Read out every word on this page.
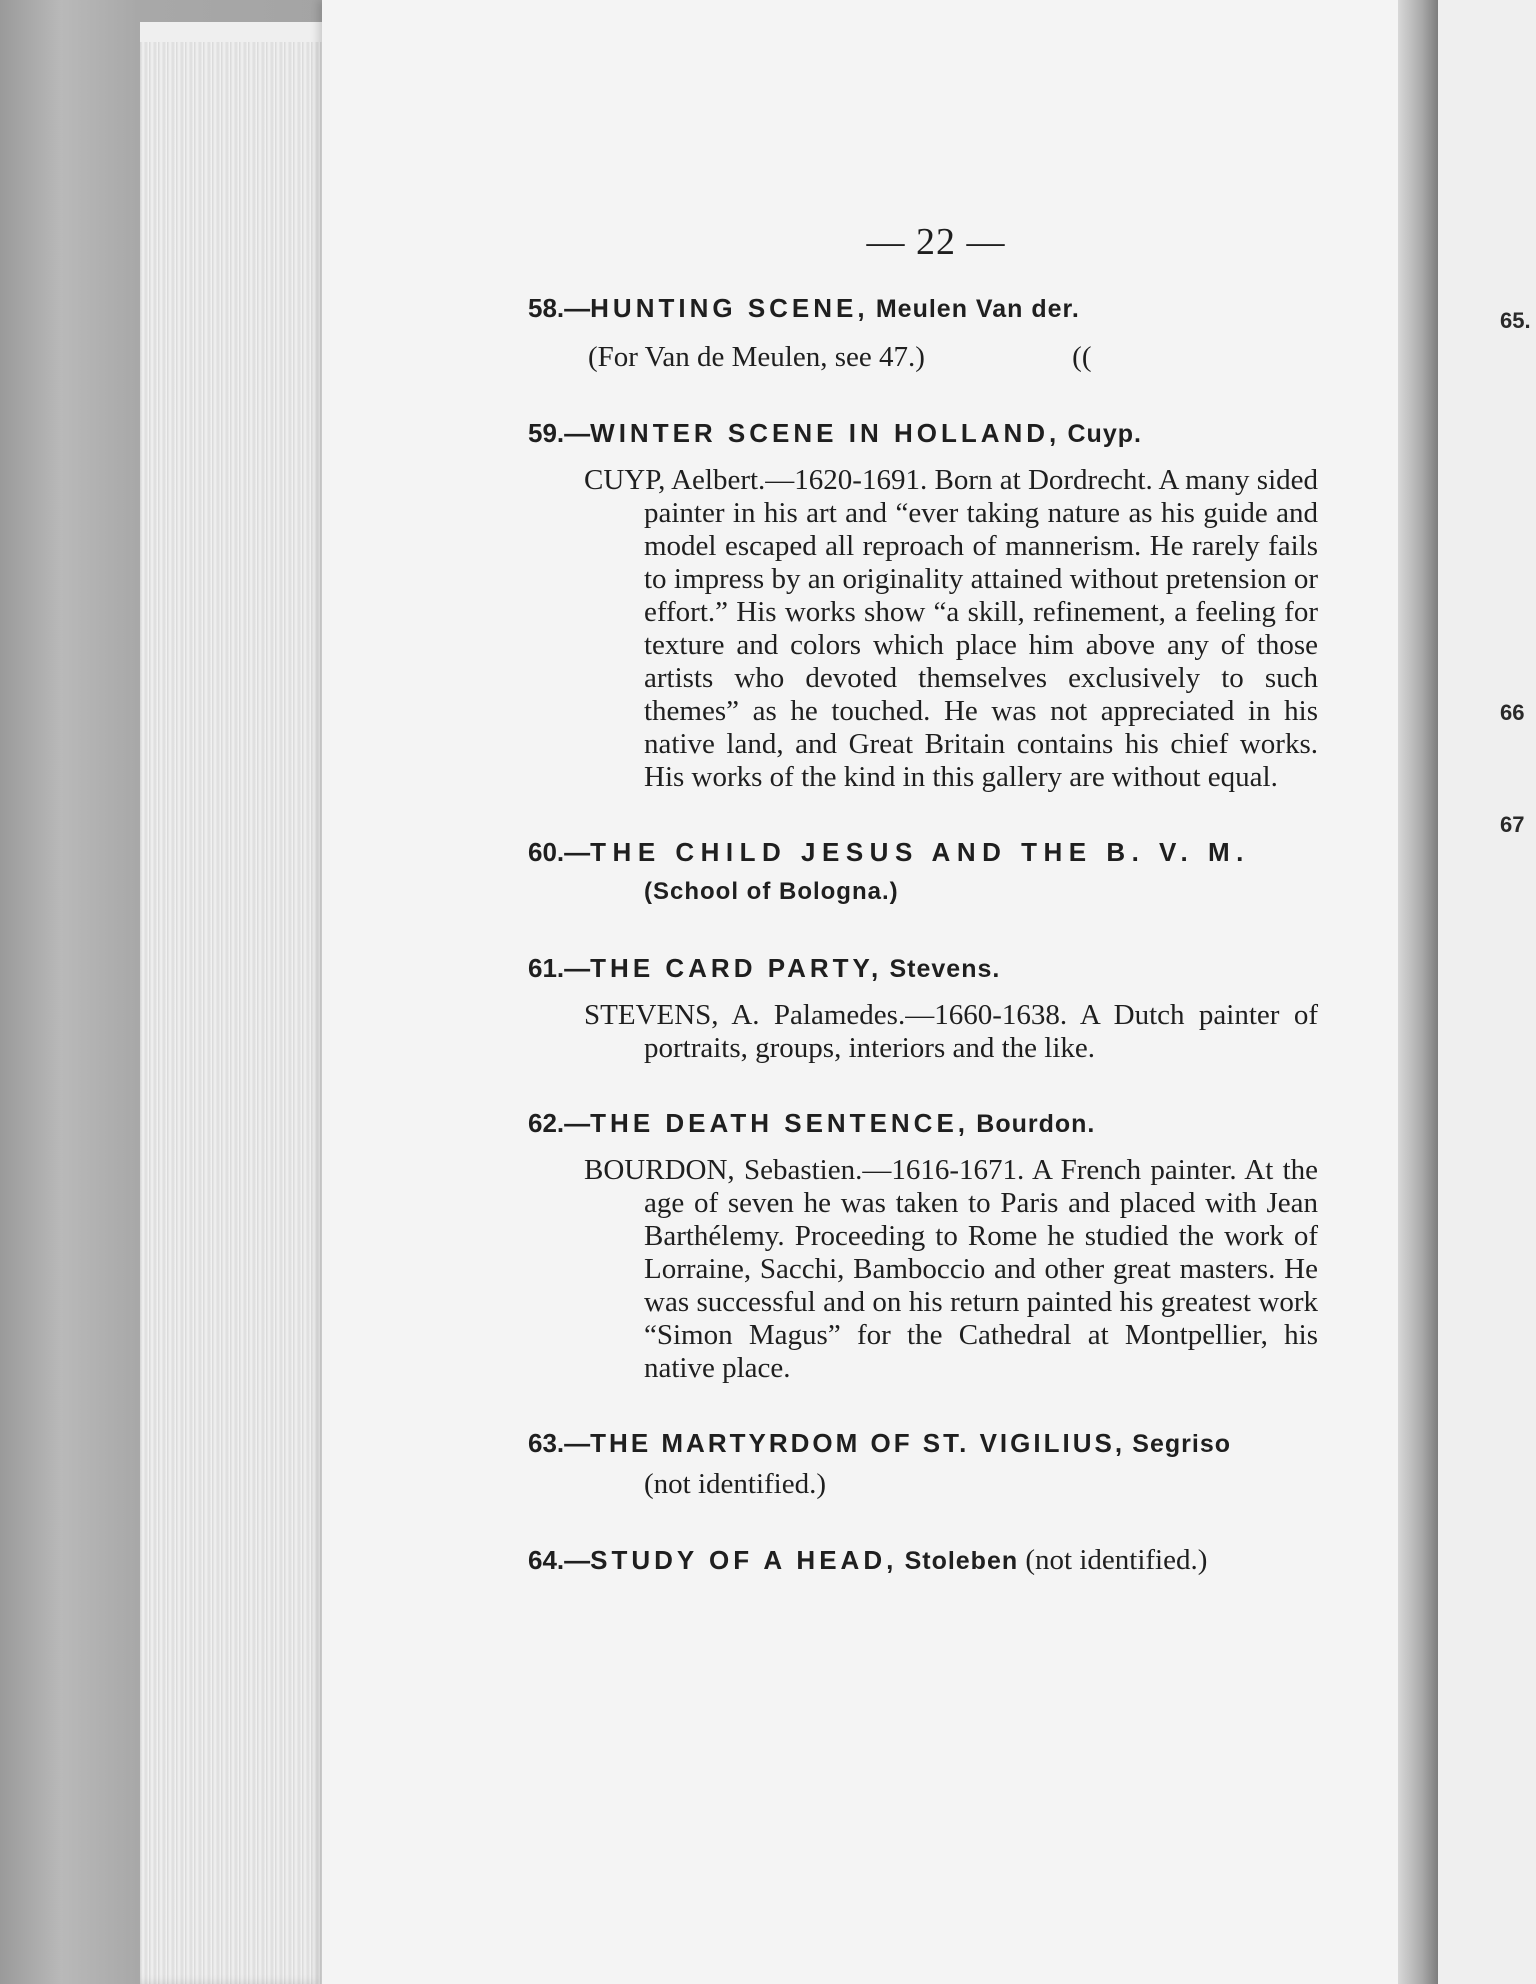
65.
66
67
— 22 —

58.—HUNTING SCENE, Meulen Van der.

(For Van de Meulen, see 47.)	((

59.—WINTER SCENE IN HOLLAND, Cuyp.

CUYP, Aelbert.—1620-1691. Born at Dordrecht. A many sided painter in his art and “ever taking nature as his guide and model escaped all reproach of mannerism. He rarely fails to impress by an originality attained without pretension or effort.” His works show “a skill, refinement, a feeling for texture and colors which place him above any of those artists who devoted themselves exclusively to such themes” as he touched. He was not appreciated in his native land, and Great Britain contains his chief works. His works of the kind in this gallery are without equal.

60.—THE CHILD JESUS AND THE B. V. M.

(School of Bologna.)

61.—THE CARD PARTY, Stevens.

STEVENS, A. Palamedes.—1660-1638. A Dutch painter of portraits, groups, interiors and the like.

62.—THE DEATH SENTENCE, Bourdon.

BOURDON, Sebastien.—1616-1671. A French painter. At the age of seven he was taken to Paris and placed with Jean Barthélemy. Proceeding to Rome he studied the work of Lorraine, Sacchi, Bamboccio and other great masters. He was successful and on his return painted his greatest work “Simon Magus” for the Cathedral at Montpellier, his native place.

63.—THE MARTYRDOM OF ST. VIGILIUS, Segriso

(not identified.)

64.—STUDY OF A HEAD, Stoleben (not identified.)
